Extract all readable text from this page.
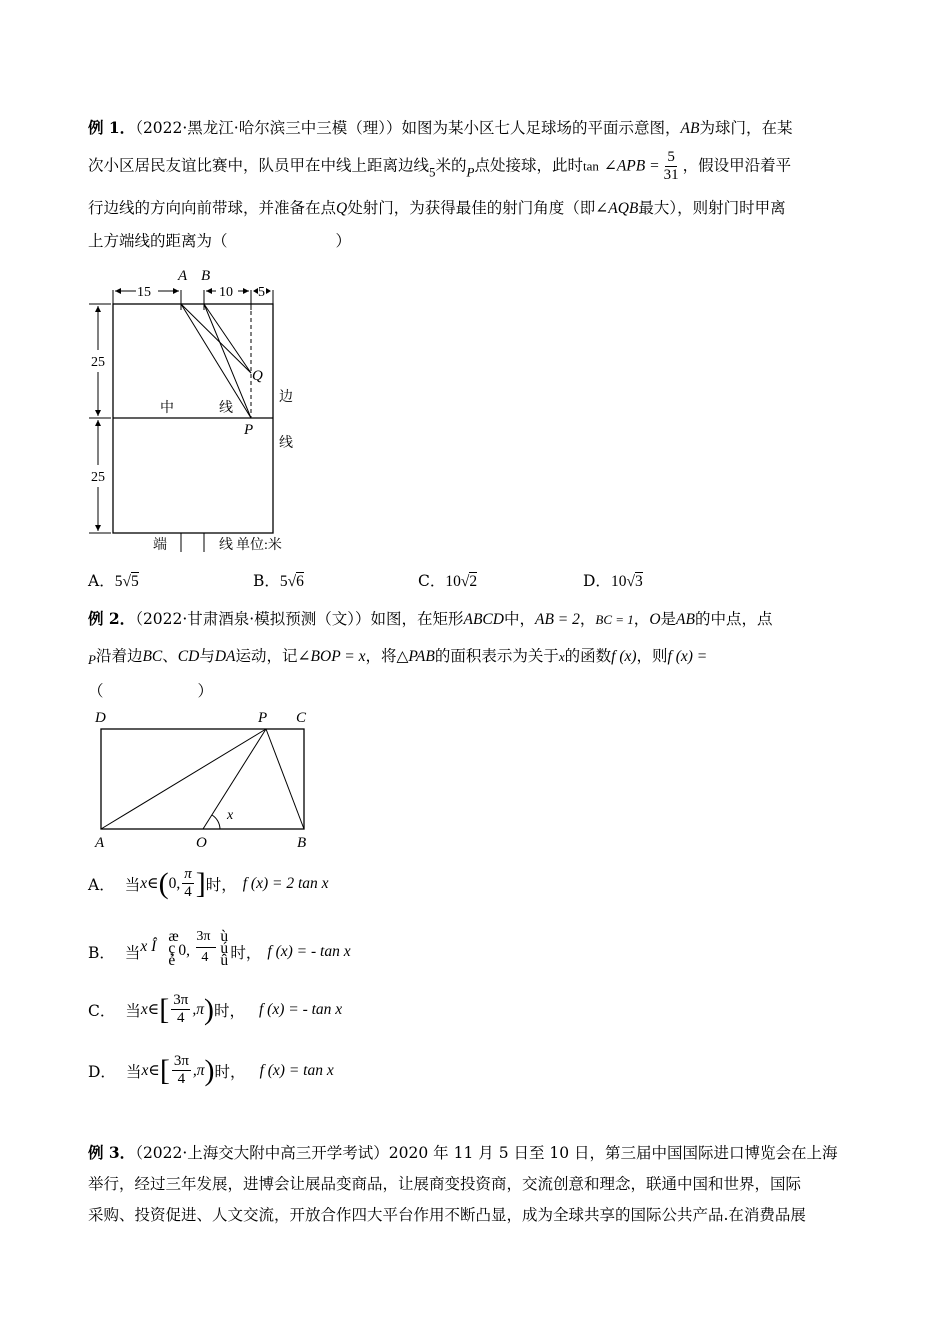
例 1．（2022·黑龙江·哈尔滨三中三模（理））如图为某小区七人足球场的平面示意图，AB为球门，在某
次小区居民友谊比赛中，队员甲在中线上距离边线$_5$米的$_P$点处接球，此时tan ∠APB = $\frac{5}{31}$ ，假设甲沿着平
行边线的方向向前带球，并准备在点Q处射门，为获得最佳的射门角度（即∠AQB最大），则射门时甲离
上方端线的距离为（	）
A B
15	10 5
25
25
Q
P
中	线
边
线
端	线 单位:米
A．5√5	B．5√6	C．10√2	D．10√3
例 2．（2022·甘肃酒泉·模拟预测（文））如图，在矩形ABCD中，AB = 2，BC = 1，O是AB的中点，点
P沿着边BC、CD与DA运动，记∠BOP = x，将△PAB的面积表示为关于x的函数f (x)，则f (x) =
（	）
D	P C
A	O	B
x
A． 当 x ∈ ( 0, $\frac{\pi}{4}$ ] 时， f (x) = 2 tan x
B． 当 x Î
æ
ç
è
0,
3π
4
ù
ú
û 时， f (x) = - tan x
C． 当 x ∈ [ $\frac{3\pi}{4} ,\pi$ ) 时， f (x) = - tan x
D． 当 x ∈ [ $\frac{3\pi}{4} ,\pi$ ) 时， f (x) = tan x
例 3．（2022·上海交大附中高三开学考试）2020 年 11 月 5 日至 10 日，第三届中国国际进口博览会在上海
举行，经过三年发展，进博会让展品变商品，让展商变投资商，交流创意和理念，联通中国和世界，国际
采购、投资促进、人文交流，开放合作四大平台作用不断凸显，成为全球共享的国际公共产品.在消费品展
